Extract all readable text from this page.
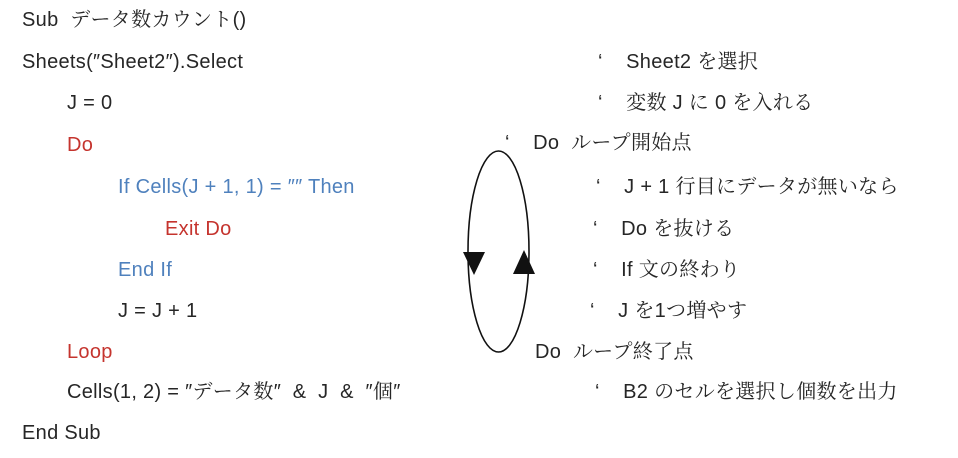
Sub  データ数カウント()
Sheets(″Sheet2″).Select
J = 0
Do
If Cells(J + 1, 1) = ″″ Then
Exit Do
End If
J = J + 1
Loop
Cells(1, 2) = ″データ数″  &  J  &  ″個″
End Sub
‘    Sheet2 を選択
‘    変数 J に 0 を入れる
‘    Do  ループ開始点
‘    J + 1 行目にデータが無いなら
‘    Do を抜ける
‘    If 文の終わり
‘    J を1つ増やす
Do  ループ終了点
‘    B2 のセルを選択し個数を出力
